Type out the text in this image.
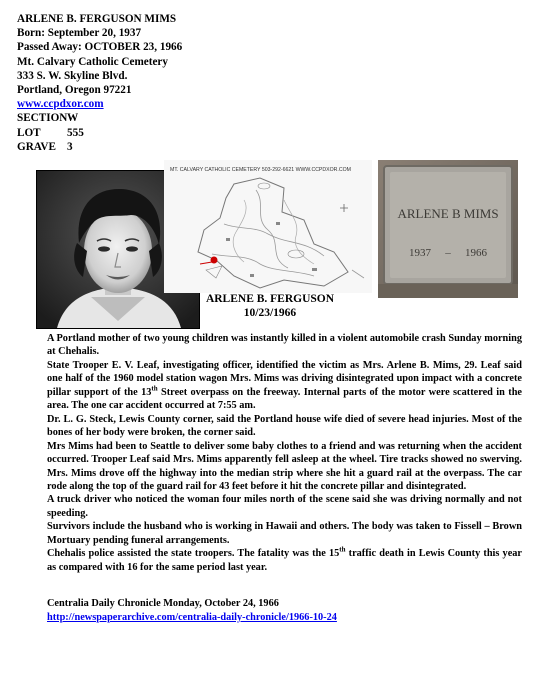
ARLENE B. FERGUSON MIMS
Born: September 20, 1937
Passed Away: OCTOBER 23, 1966
Mt. Calvary Catholic Cemetery
333 S. W. Skyline Blvd.
Portland, Oregon 97221
www.ccpdxor.com
SECTIONW
LOT 555
GRAVE 3
MT. CALVARY CATHOLIC CEMETERY 503-292-6621 WWW.CCPDXOR.COM
ARLENE B MIMS
1937 – 1966
ARLENE B. FERGUSON
10/23/1966

A Portland mother of two young children was instantly killed in a violent automobile crash Sunday morning at Chehalis.

State Trooper E. V. Leaf, investigating officer, identified the victim as Mrs. Arlene B. Mims, 29. Leaf said one half of the 1960 model station wagon Mrs. Mims was driving disintegrated upon impact with a concrete pillar support of the 13th Street overpass on the freeway. Internal parts of the motor were scattered in the area. The one car accident occurred at 7:55 am.

Dr. L. G. Steck, Lewis County corner, said the Portland house wife died of severe head injuries. Most of the bones of her body were broken, the corner said.

Mrs Mims had been to Seattle to deliver some baby clothes to a friend and was returning when the accident occurred. Trooper Leaf said Mrs. Mims apparently fell asleep at the wheel. Tire tracks showed no swerving. Mrs. Mims drove off the highway into the median strip where she hit a guard rail at the overpass. The car rode along the top of the guard rail for 43 feet before it hit the concrete pillar and disintegrated.

A truck driver who noticed the woman four miles north of the scene said she was driving normally and not speeding.

Survivors include the husband who is working in Hawaii and others. The body was taken to Fissell – Brown Mortuary pending funeral arrangements.

Chehalis police assisted the state troopers. The fatality was the 15th traffic death in Lewis County this year as compared with 16 for the same period last year.

Centralia Daily Chronicle Monday, October 24, 1966
http://newspaperarchive.com/centralia-daily-chronicle/1966-10-24
